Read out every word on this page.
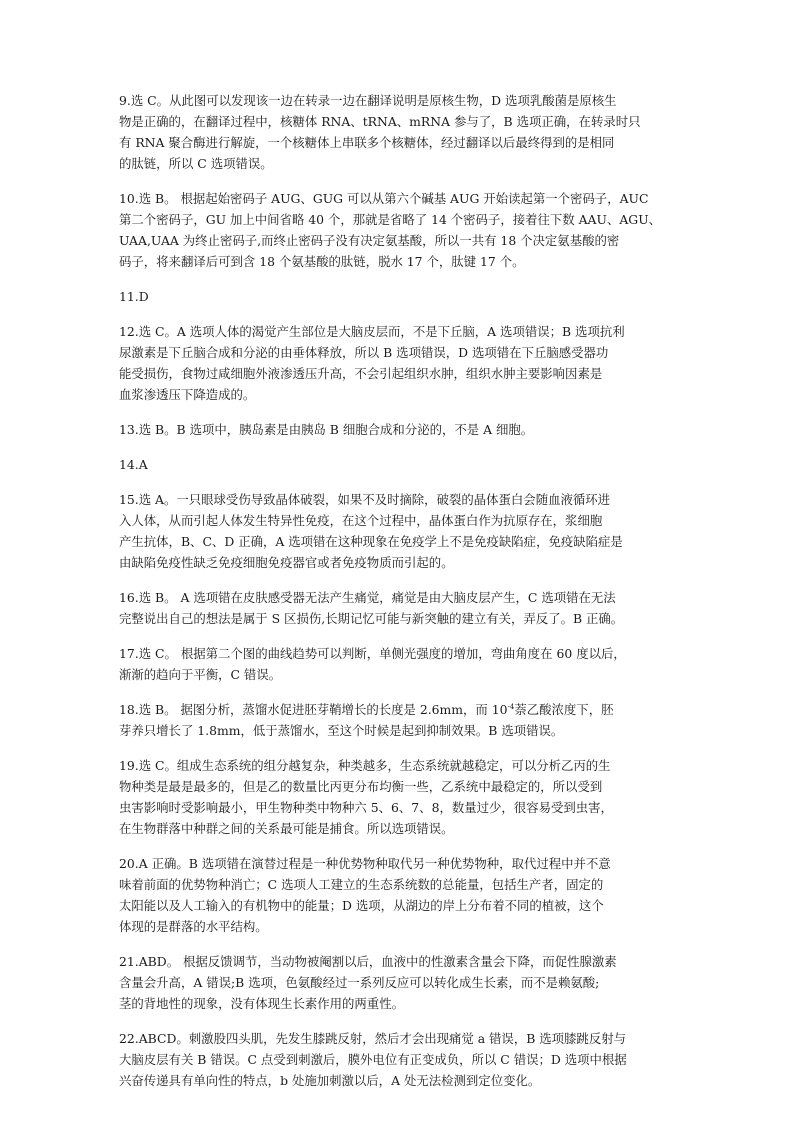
9.选 C。从此图可以发现该一边在转录一边在翻译说明是原核生物，D 选项乳酸菌是原核生
物是正确的，在翻译过程中，核糖体 RNA、tRNA、mRNA 参与了，B 选项正确，在转录时只
有 RNA 聚合酶进行解旋，一个核糖体上串联多个核糖体，经过翻译以后最终得到的是相同
的肽链，所以 C 选项错误。

10.选 B。 根据起始密码子 AUG、GUG 可以从第六个碱基 AUG 开始读起第一个密码子，AUC
第二个密码子，GU 加上中间省略 40 个，那就是省略了 14 个密码子，接着往下数 AAU、AGU、
UAA,UAA 为终止密码子,而终止密码子没有决定氨基酸，所以一共有 18 个决定氨基酸的密
码子，将来翻译后可到含 18 个氨基酸的肽链，脱水 17 个，肽键 17 个。

11.D

12.选 C。A 选项人体的渴觉产生部位是大脑皮层而，不是下丘脑，A 选项错误；B 选项抗利
尿激素是下丘脑合成和分泌的由垂体释放，所以 B 选项错误，D 选项错在下丘脑感受器功
能受损伤，食物过咸细胞外液渗透压升高，不会引起组织水肿，组织水肿主要影响因素是
血浆渗透压下降造成的。

13.选 B。B 选项中，胰岛素是由胰岛 B 细胞合成和分泌的，不是 A 细胞。

14.A

15.选 A。一只眼球受伤导致晶体破裂，如果不及时摘除，破裂的晶体蛋白会随血液循环进
入人体，从而引起人体发生特异性免疫，在这个过程中，晶体蛋白作为抗原存在，浆细胞
产生抗体，B、C、D 正确，A 选项错在这种现象在免疫学上不是免疫缺陷症，免疫缺陷症是
由缺陷免疫性缺乏免疫细胞免疫器官或者免疫物质而引起的。

16.选 B。 A 选项错在皮肤感受器无法产生痛觉，痛觉是由大脑皮层产生，C 选项错在无法
完整说出自己的想法是属于 S 区损伤,长期记忆可能与新突触的建立有关，弄反了。B 正确。

17.选 C。 根据第二个图的曲线趋势可以判断，单侧光强度的增加，弯曲角度在 60 度以后，
渐渐的趋向于平衡，C 错误。

18.选 B。 据图分析，蒸馏水促进胚芽鞘增长的长度是 2.6mm，而 $10^{-4}$萘乙酸浓度下，胚
芽养只增长了 1.8mm，低于蒸馏水，至这个时候是起到抑制效果。B 选项错误。

19.选 C。组成生态系统的组分越复杂，种类越多，生态系统就越稳定，可以分析乙丙的生
物种类是最是最多的，但是乙的数量比丙更分布均衡一些，乙系统中最稳定的，所以受到
虫害影响时受影响最小，甲生物种类中物种六 5、6、7、8，数量过少，很容易受到虫害，
在生物群落中种群之间的关系最可能是捕食。所以选项错误。

20.A 正确。B 选项错在演替过程是一种优势物种取代另一种优势物种，取代过程中并不意
味着前面的优势物种消亡；C 选项人工建立的生态系统数的总能量，包括生产者，固定的
太阳能以及人工输入的有机物中的能量；D 选项，从湖边的岸上分布着不同的植被，这个
体现的是群落的水平结构。

21.ABD。 根据反馈调节，当动物被阉割以后，血液中的性激素含量会下降，而促性腺激素
含量会升高，A 错误;B 选项，色氨酸经过一系列反应可以转化成生长素，而不是赖氨酸;
茎的背地性的现象，没有体现生长素作用的两重性。

22.ABCD。刺激股四头肌，先发生膝跳反射，然后才会出现痛觉 a 错误，B 选项膝跳反射与
大脑皮层有关 B 错误。C 点受到刺激后，膜外电位有正变成负，所以 C 错误；D 选项中根据
兴奋传递具有单向性的特点，b 处施加刺激以后，A 处无法检测到定位变化。
